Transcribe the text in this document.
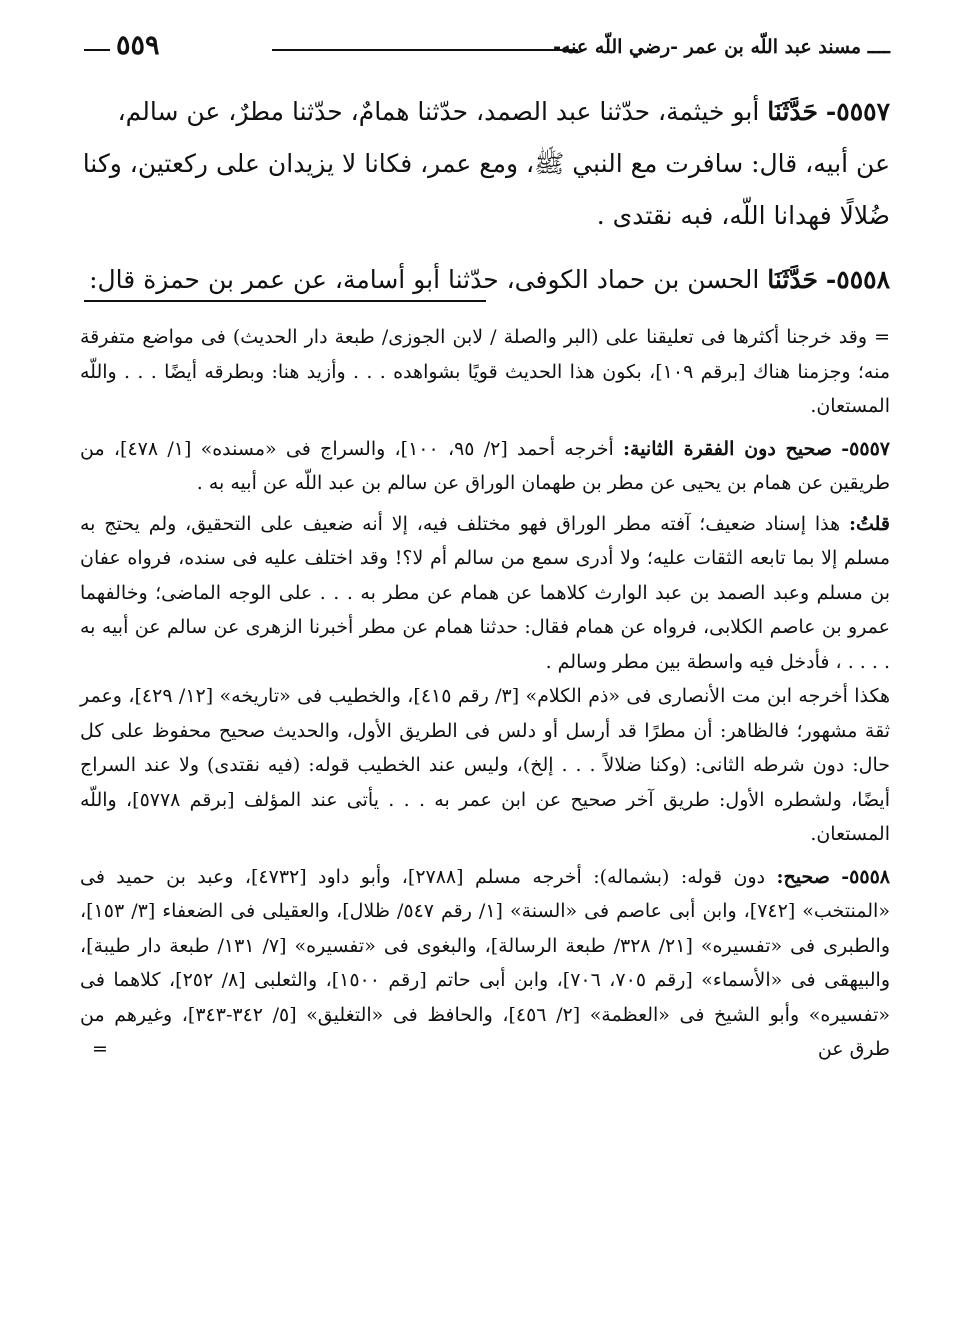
ــــ مسند عبد اللّه بن عمر -رضي اللّه عنه-
٥٥٩

٥٥٥٧- حَدَّثَنَا أبو خيثمة، حدّثنا عبد الصمد، حدّثنا همامٌ، حدّثنا مطرٌ، عن سالم، عن أبيه، قال: سافرت مع النبي ﷺ، ومع عمر، فكانا لا يزيدان على ركعتين، وكنا ضُلالًا فهدانا اللّه، فبه نقتدى .

٥٥٥٨- حَدَّثَنَا الحسن بن حماد الكوفى، حدّثنا أبو أسامة، عن عمر بن حمزة قال:

= وقد خرجنا أكثرها فى تعليقنا على (البر والصلة / لابن الجوزى/ طبعة دار الحديث) فى مواضع متفرقة منه؛ وجزمنا هناك [برقم ١٠٩]، بكون هذا الحديث قويًا بشواهده . . . وأزيد هنا: وبطرقه أيضًا . . . واللّه المستعان.

٥٥٥٧- صحيح دون الفقرة الثانية: أخرجه أحمد [٢/ ٩٥، ١٠٠]، والسراج فى «مسنده» [١/ ٤٧٨]، من طريقين عن همام بن يحيى عن مطر بن طهمان الوراق عن سالم بن عبد اللّه عن أبيه به .

قلتُ: هذا إسناد ضعيف؛ آفته مطر الوراق فهو مختلف فيه، إلا أنه ضعيف على التحقيق، ولم يحتج به مسلم إلا بما تابعه الثقات عليه؛ ولا أدرى سمع من سالم أم لا؟! وقد اختلف عليه فى سنده، فرواه عفان بن مسلم وعبد الصمد بن عبد الوارث كلاهما عن همام عن مطر به . . . على الوجه الماضى؛ وخالفهما عمرو بن عاصم الكلابى، فرواه عن همام فقال: حدثنا همام عن مطر أخبرنا الزهرى عن سالم عن أبيه به . . . . ، فأدخل فيه واسطة بين مطر وسالم .

هكذا أخرجه ابن مت الأنصارى فى «ذم الكلام» [٣/ رقم ٤١٥]، والخطيب فى «تاريخه» [١٢/ ٤٢٩]، وعمر ثقة مشهور؛ فالظاهر: أن مطرًا قد أرسل أو دلس فى الطريق الأول، والحديث صحيح محفوظ على كل حال: دون شرطه الثانى: (وكنا ضلالاً . . . إلخ)، وليس عند الخطيب قوله: (فيه نقتدى) ولا عند السراج أيضًا، ولشطره الأول: طريق آخر صحيح عن ابن عمر به . . . يأتى عند المؤلف [برقم ٥٧٧٨]، واللّه المستعان.

٥٥٥٨- صحيح: دون قوله: (بشماله): أخرجه مسلم [٢٧٨٨]، وأبو داود [٤٧٣٢]، وعبد بن حميد فى «المنتخب» [٧٤٢]، وابن أبى عاصم فى «السنة» [١/ رقم ٥٤٧/ ظلال]، والعقيلى فى الضعفاء [٣/ ١٥٣]، والطبرى فى «تفسيره» [٢١/ ٣٢٨/ طبعة الرسالة]، والبغوى فى «تفسيره» [٧/ ١٣١/ طبعة دار طيبة]، والبيهقى فى «الأسماء» [رقم ٧٠٥، ٧٠٦]، وابن أبى حاتم [رقم ١٥٠٠]، والثعلبى [٨/ ٢٥٢]، كلاهما فى «تفسيره» وأبو الشيخ فى «العظمة» [٢/ ٤٥٦]، والحافظ فى «التغليق» [٥/ ٣٤٢-٣٤٣]، وغيرهم من طرق عن

=
